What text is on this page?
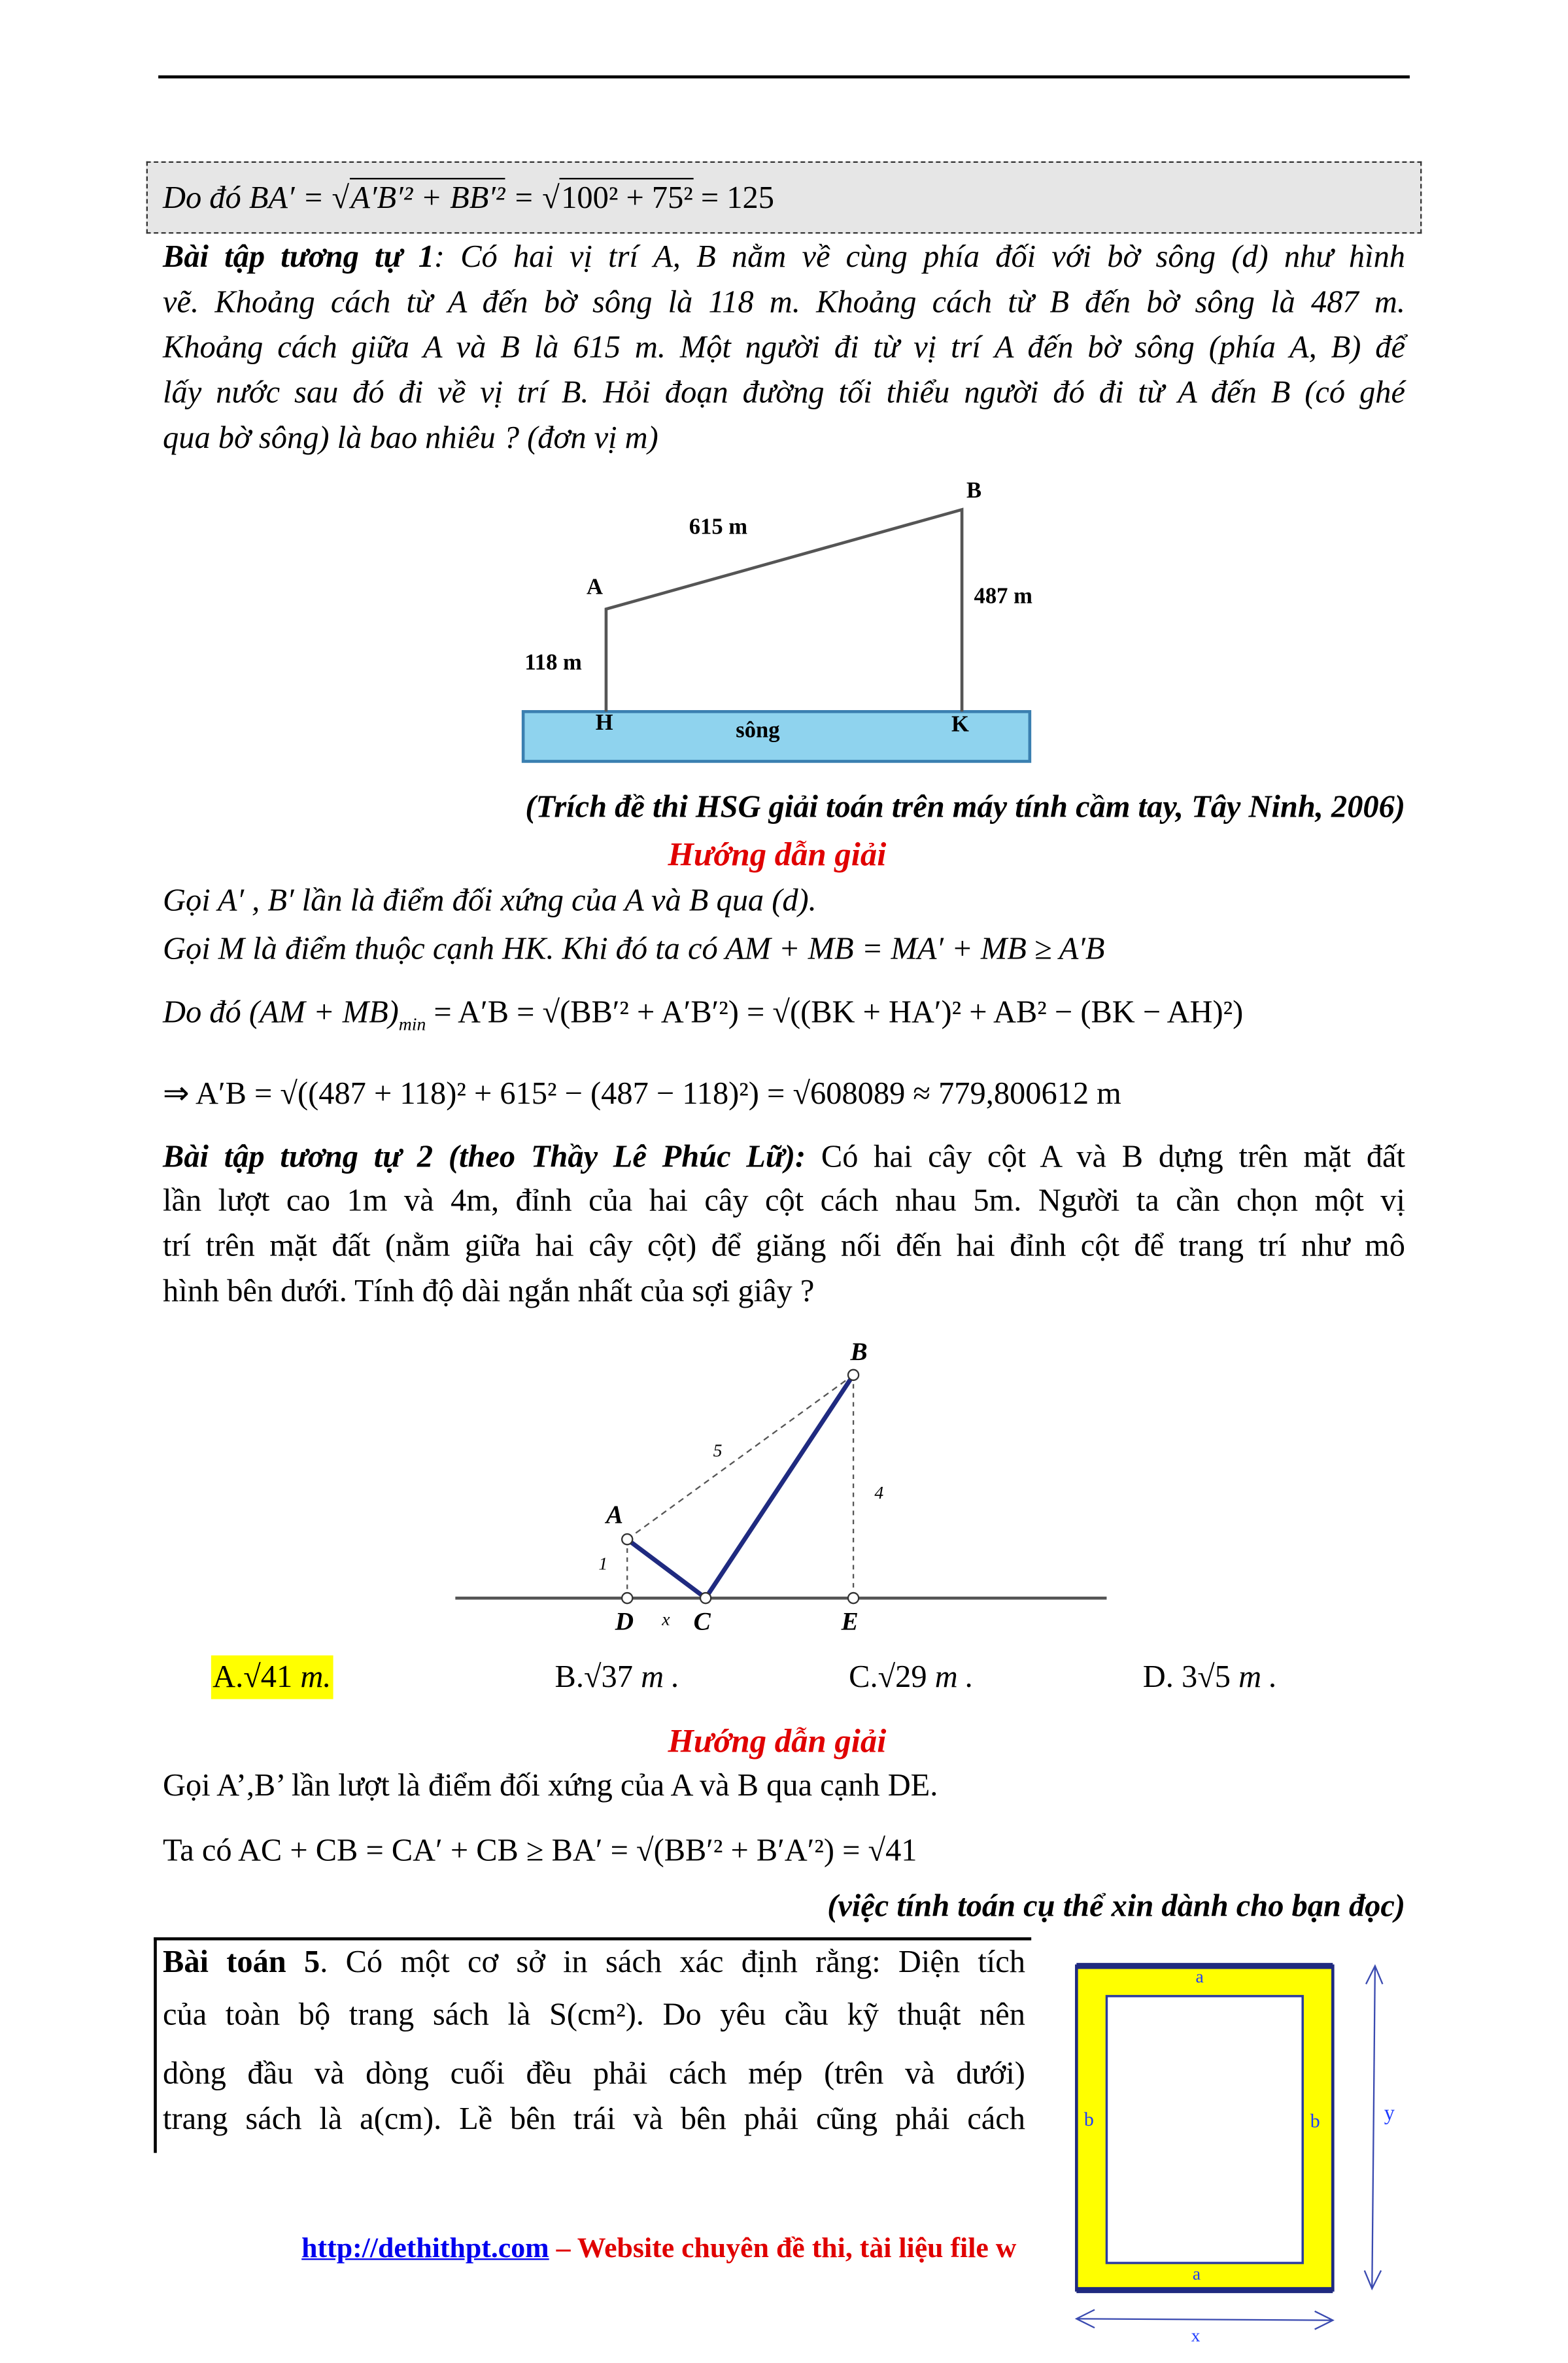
Do đó BA′ = √ A′B′² + BB′² = √ 100² + 75² = 125
Bài tập tương tự 1: Có hai vị trí A, B nằm về cùng phía đối với bờ sông (d) như hình
vẽ. Khoảng cách từ A đến bờ sông là 118 m. Khoảng cách từ B đến bờ sông là 487 m.
Khoảng cách giữa A và B là 615 m. Một người đi từ vị trí A đến bờ sông (phía A, B) để
lấy nước sau đó đi về vị trí B. Hỏi đoạn đường tối thiểu người đó đi từ A đến B (có ghé
qua bờ sông) là bao nhiêu ? (đơn vị m)
615 m
B
A	487 m
118 m
H	sông	K
(Trích đề thi HSG giải toán trên máy tính cầm tay, Tây Ninh, 2006)
Hướng dẫn giải
Gọi A′ , B′ lần là điểm đối xứng của A và B qua (d).
Gọi M là điểm thuộc cạnh HK. Khi đó ta có AM + MB = MA′ + MB ≥ A′B
Do đó $(AM + MB)_{min} = A'B = √(BB'^2 + A'B'^2) = √((BK + HA')^2 + AB^2 - (BK - AH)^2)$
⇒ A′B = √((487 + 118)² + 615² − (487 − 118)²) = √608089 ≈ 779,800612 m
Bài tập tương tự 2 (theo Thầy Lê Phúc Lữ): Có hai cây cột A và B dựng trên mặt đất
lần lượt cao 1m và 4m, đỉnh của hai cây cột cách nhau 5m. Người ta cần chọn một vị
trí trên mặt đất (nằm giữa hai cây cột) để giăng nối đến hai đỉnh cột để trang trí như mô
hình bên dưới. Tính độ dài ngắn nhất của sợi giây ?
B
A
D	x C	E
1
4
5
A.√41 m.	B.√37 m .	C.√29 m .	D. 3√5 m .
Hướng dẫn giải
Gọi A’,B’ lần lượt là điểm đối xứng của A và B qua cạnh DE.
Ta có AC + CB = CA′ + CB ≥ BA′ = √(BB′² + B′A′²) = √41
(việc tính toán cụ thể xin dành cho bạn đọc)
Bài toán 5. Có một cơ sở in sách xác định rằng: Diện tích
của toàn bộ trang sách là S(cm²). Do yêu cầu kỹ thuật nên
dòng đầu và dòng cuối đều phải cách mép (trên và dưới)
trang sách là a(cm). Lề bên trái và bên phải cũng phải cách
a
a
b	b	y
x
http://dethithpt.com – Website chuyên đề thi, tài liệu file w
